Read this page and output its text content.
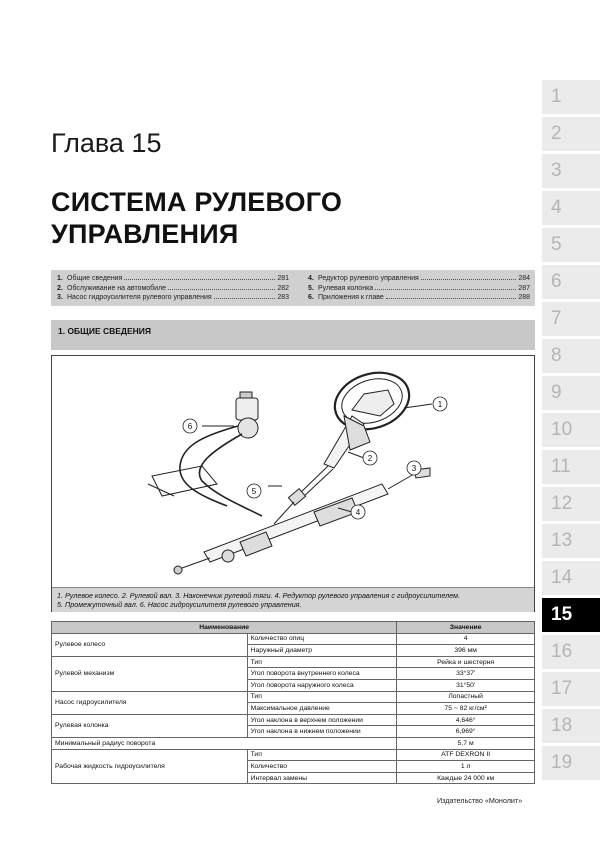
Глава 15
СИСТЕМА РУЛЕВОГО
УПРАВЛЕНИЯ
1. Общие сведения	281
2. Обслуживание на автомобиле	282
3. Насос гидроусилителя рулевого управления	283
4. Редуктор рулевого управления	284
5. Рулевая колонка	287
6. Приложения к главе	288
1. ОБЩИЕ СВЕДЕНИЯ
1
2
3
4
5
6
1. Рулевое колесо. 2. Рулевой вал. 3. Наконечник рулевой тяги. 4. Редуктор рулевого управления с гидроусилителем.
5. Промежуточный вал. 6. Насос гидроусилителя рулевого управления.
Наименование		Значение
Рулевое колесо	Количество опиц	4
	Наружный диаметр	396 мм
Рулевой механизм	Тип	Рейка и шестерня
	Угол поворота внутреннего колеса	33°37'
	Угол поворота наружного колеса	31°50'
Насос гидроусилителя	Тип	Лопастный
	Максимальное давление	75 ~ 82 кг/см²
Рулевая колонка	Угол наклона в верхнем положении	4,646°
	Угол наклона в нижнем положении	6,969°
Минимальный радиус поворота		5,7 м
Рабочая жидкость гидроусилителя	Тип	ATF DEXRON II
	Количество	1 л
	Интервал замены	Каждые 24 000 км
Издательство «Монолит»
1
2
3
4
5
6
7
8
9
10
11
12
13
14
15
16
17
18
19
